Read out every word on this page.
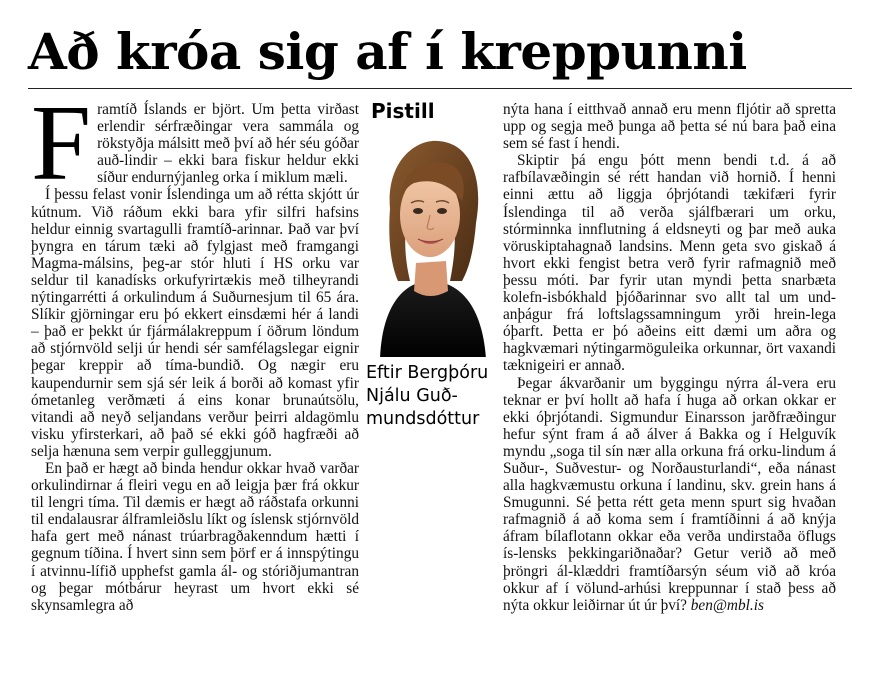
Að króa sig af í kreppunni

Framtíð Íslands er björt. Um þetta virðast erlendir sérfræðingar vera sammála og rökstyðja málsitt með því að hér séu góðar auð-lindir – ekki bara fiskur heldur ekki síður endurnýjanleg orka í miklum mæli.

Í þessu felast vonir Íslendinga um að rétta skjótt úr kútnum. Við ráðum ekki bara yfir silfri hafsins heldur einnig svartagulli framtíð-arinnar. Það var því þyngra en tárum tæki að fylgjast með framgangi Magma-málsins, þeg-ar stór hluti í HS orku var seldur til kanadísks orkufyrirtækis með tilheyrandi nýtingarrétti á orkulindum á Suðurnesjum til 65 ára. Slíkir gjörningar eru þó ekkert einsdæmi hér á landi – það er þekkt úr fjármálakreppum í öðrum löndum að stjórnvöld selji úr hendi sér samfélagslegar eignir þegar kreppir að tíma-bundið. Og nægir eru kaupendurnir sem sjá sér leik á borði að komast yfir ómetanleg verðmæti á eins konar brunaútsölu, vitandi að neyð seljandans verður þeirri aldagömlu visku yfirsterkari, að það sé ekki góð hagfræði að selja hænuna sem verpir gulleggjunum.

En það er hægt að binda hendur okkar hvað varðar orkulindirnar á fleiri vegu en að leigja þær frá okkur til lengri tíma. Til dæmis er hægt að ráðstafa orkunni til endalausrar álframleiðslu líkt og íslensk stjórnvöld hafa gert með nánast trúarbragðakenndum hætti í gegnum tíðina. Í hvert sinn sem þörf er á innspýtingu í atvinnu-lífið upphefst gamla ál- og stóriðjumantran og þegar mótbárur heyrast um hvort ekki sé skynsamlegra að

Pistill
Eftir Bergþóru
Njálu Guð-
mundsdóttur

nýta hana í eitthvað annað eru menn fljótir að spretta upp og segja með þunga að þetta sé nú bara það eina sem sé fast í hendi.

Skiptir þá engu þótt menn bendi t.d. á að rafbílavæðingin sé rétt handan við hornið. Í henni einni ættu að liggja óþrjótandi tækifæri fyrir Íslendinga til að verða sjálfbærari um orku, stórminnka innflutning á eldsneyti og þar með auka vöruskiptahagnað landsins. Menn geta svo giskað á hvort ekki fengist betra verð fyrir rafmagnið með þessu móti. Þar fyrir utan myndi þetta snarbæta kolefn-isbókhald þjóðarinnar svo allt tal um und-anþágur frá loftslagssamningum yrði hrein-lega óþarft. Þetta er þó aðeins eitt dæmi um aðra og hagkvæmari nýtingarmöguleika orkunnar, ört vaxandi tæknigeiri er annað.

Þegar ákvarðanir um byggingu nýrra ál-vera eru teknar er því hollt að hafa í huga að orkan okkar er ekki óþrjótandi. Sigmundur Einarsson jarðfræðingur hefur sýnt fram á að álver á Bakka og í Helguvík myndu „soga til sín nær alla orkuna frá orku-lindum á Suður-, Suðvestur- og Norðausturlandi“, eða nánast alla hagkvæmustu orkuna í landinu, skv. grein hans á Smugunni. Sé þetta rétt geta menn spurt sig hvaðan rafmagnið á að koma sem í framtíðinni á að knýja áfram bílaflotann okkar eða verða undirstaða öflugs ís-lensks þekkingariðnaðar? Getur verið að með þröngri ál-klæddri framtíðarsýn séum við að króa okkur af í völund-arhúsi kreppunnar í stað þess að nýta okkur leiðirnar út úr því? ben@mbl.is
